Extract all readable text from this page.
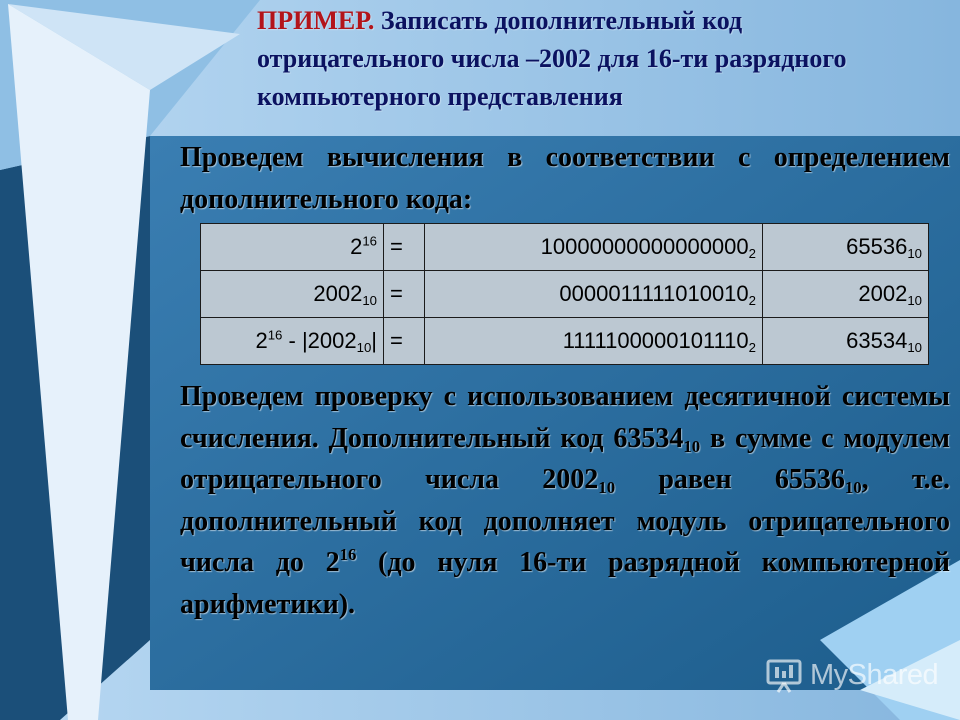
ПРИМЕР. Записать дополнительный код отрицательного числа –2002 для 16-ти разрядного компьютерного представления

Проведем вычисления в соответствии с определением дополнительного кода:

$2^{16}$	=	$10000000000000000_2$	$65536_{10}$
$2002_{10}$	=	$0000011111010010_2$	$2002_{10}$
$2^{16} - |2002_{10}|$	=	$1111100000101110_2$	$63534_{10}$

Проведем проверку с использованием десятичной системы счисления. Дополнительный код $63534_{10}$ в сумме с модулем отрицательного числа $2002_{10}$ равен $65536_{10}$, т.е. дополнительный код дополняет модуль отрицательного числа до $2^{16}$ (до нуля 16-ти разрядной компьютерной арифметики).

MyShared
